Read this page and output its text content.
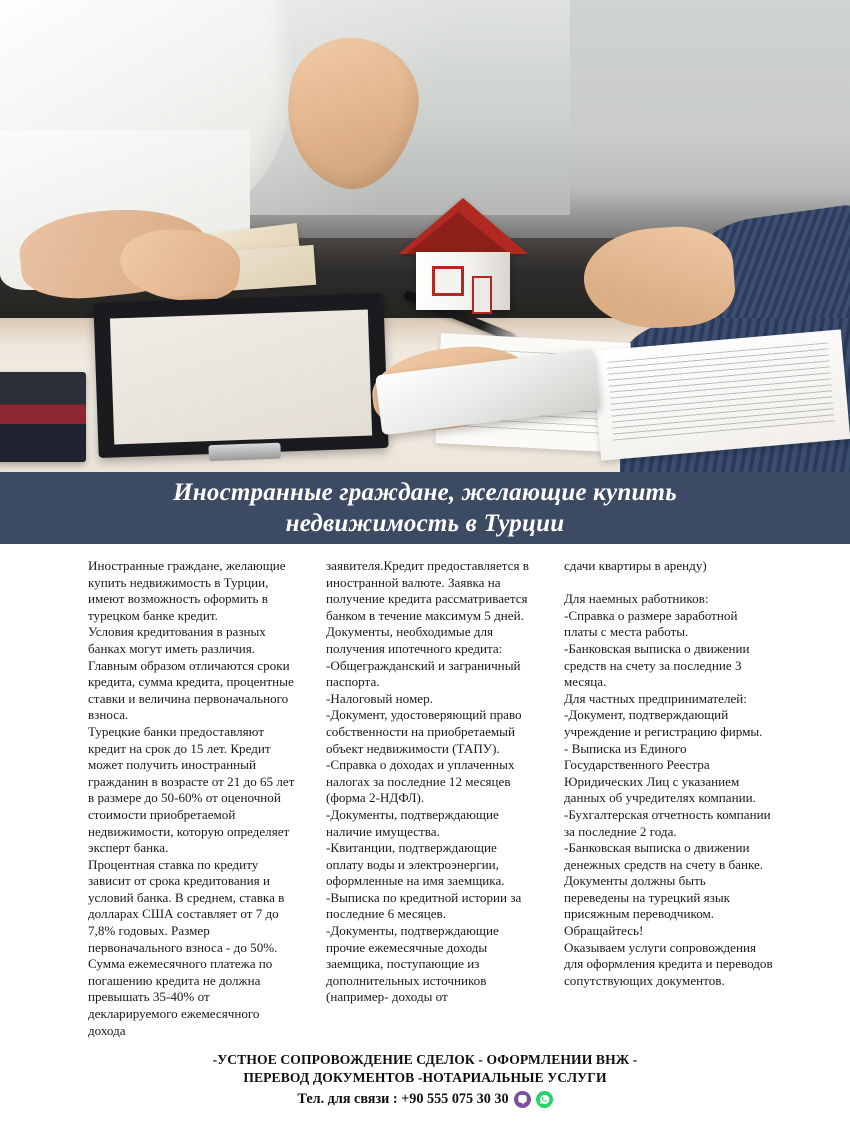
Иностранные граждане, желающие купить
недвижимость в Турции

Иностранные граждане, желающие купить недвижимость в Турции, имеют возможность оформить в турецком банке кредит.

Условия кредитования в разных банках могут иметь различия. Главным образом отличаются сроки кредита, сумма кредита, процентные ставки и величина первоначального взноса.

Турецкие банки предоставляют кредит на срок до 15 лет. Кредит может получить иностранный гражданин в возрасте от 21 до 65 лет в размере до 50-60% от оценочной стоимости приобретаемой недвижимости, которую определяет эксперт банка.

Процентная ставка по кредиту зависит от срока кредитования и условий банка. В среднем, ставка в долларах США составляет от 7 до 7,8% годовых. Размер первоначального взноса - до 50%. Сумма ежемесячного платежа по погашению кредита не должна превышать 35-40% от декларируемого ежемесячного дохода

заявителя.Кредит предоставляется в иностранной валюте. Заявка на получение кредита рассматривается банком в течение максимум 5 дней.

Документы, необходимые для получения ипотечного кредита:

-Общегражданский и заграничный паспорта.

-Налоговый номер.

-Документ, удостоверяющий право собственности на приобретаемый объект недвижимости (ТАПУ).

-Справка о доходах и уплаченных налогах за последние 12 месяцев (форма 2-НДФЛ).

-Документы, подтверждающие наличие имущества.

-Квитанции, подтверждающие оплату воды и электроэнергии, оформленные на имя заемщика.

-Выписка по кредитной истории за последние 6 месяцев.

-Документы, подтверждающие прочие ежемесячные доходы заемщика, поступающие из дополнительных источников (например- доходы от

сдачи квартиры в аренду)

Для наемных работников:

-Справка о размере заработной платы с места работы.

-Банковская выписка о движении средств на счету за последние 3 месяца.

Для частных предпринимателей:

-Документ, подтверждающий учреждение и регистрацию фирмы.

- Выписка из Единого Государственного Реестра Юридических Лиц с указанием данных об учредителях компании.

-Бухгалтерская отчетность компании за последние 2 года.

-Банковская выписка о движении денежных средств на счету в банке.

Документы должны быть переведены на турецкий язык присяжным переводчиком.

Обращайтесь!

Оказываем услуги сопровождения для оформления кредита и переводов сопутствующих документов.

-УСТНОЕ СОПРОВОЖДЕНИЕ СДЕЛОК - ОФОРМЛЕНИИ ВНЖ -
ПЕРЕВОД ДОКУМЕНТОВ -НОТАРИАЛЬНЫЕ УСЛУГИ
Тел. для связи : +90 555 075 30 30
